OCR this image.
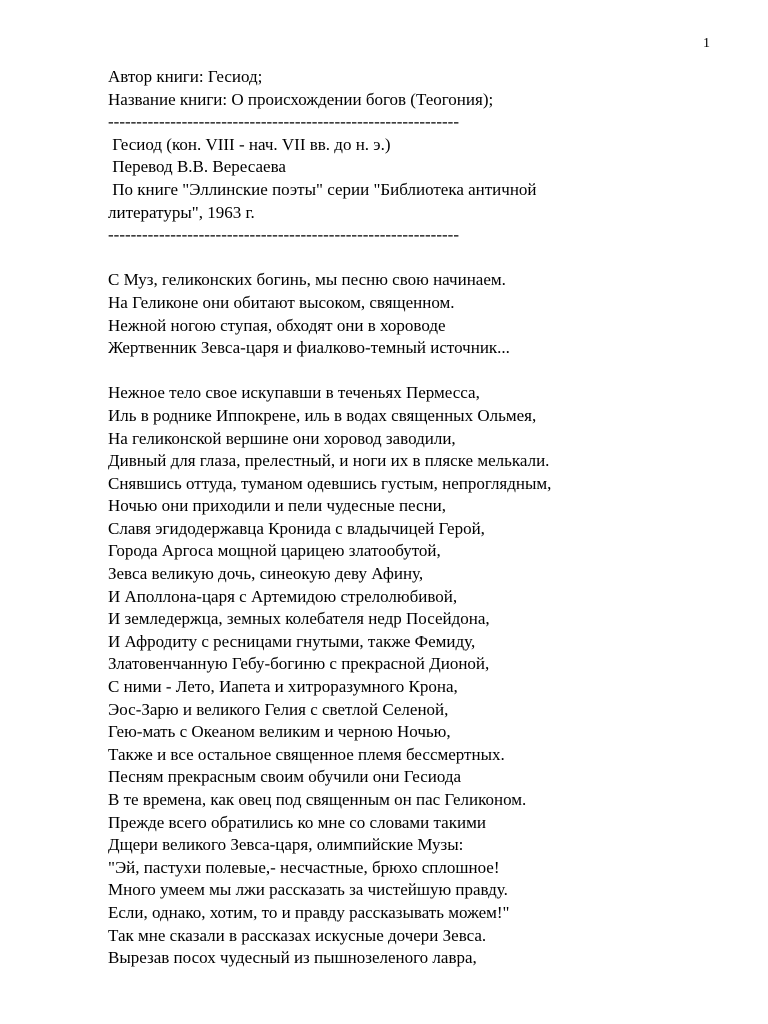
1
Автор книги: Гесиод;
Название книги: О происхождении богов (Теогония);
--------------------------------------------------------------
Гесиод (кон. VIII - нач. VII вв. до н. э.)
Перевод В.В. Вересаева
По книге "Эллинские поэты" серии "Библиотека античной
литературы", 1963 г.
--------------------------------------------------------------
С Муз, геликонских богинь, мы песню свою начинаем.
На Геликоне они обитают высоком, священном.
Нежной ногою ступая, обходят они в хороводе
Жертвенник Зевса-царя и фиалково-темный источник...
Нежное тело свое искупавши в теченьях Пермесса,
Иль в роднике Иппокрене, иль в водах священных Ольмея,
На геликонской вершине они хоровод заводили,
Дивный для глаза, прелестный, и ноги их в пляске мелькали.
Снявшись оттуда, туманом одевшись густым, непроглядным,
Ночью они приходили и пели чудесные песни,
Славя эгидодержавца Кронида с владычицей Герой,
Города Аргоса мощной царицею златообутой,
Зевса великую дочь, синеокую деву Афину,
И Аполлона-царя с Артемидою стрелолюбивой,
И земледержца, земных колебателя недр Посейдона,
И Афродиту с ресницами гнутыми, также Фемиду,
Златовенчанную Гебу-богиню с прекрасной Дионой,
С ними - Лето, Иапета и хитроразумного Крона,
Эос-Зарю и великого Гелия с светлой Селеной,
Гею-мать с Океаном великим и черною Ночью,
Также и все остальное священное племя бессмертных.
Песням прекрасным своим обучили они Гесиода
В те времена, как овец под священным он пас Геликоном.
Прежде всего обратились ко мне со словами такими
Дщери великого Зевса-царя, олимпийские Музы:
"Эй, пастухи полевые,- несчастные, брюхо сплошное!
Много умеем мы лжи рассказать за чистейшую правду.
Если, однако, хотим, то и правду рассказывать можем!"
Так мне сказали в рассказах искусные дочери Зевса.
Вырезав посох чудесный из пышнозеленого лавра,
